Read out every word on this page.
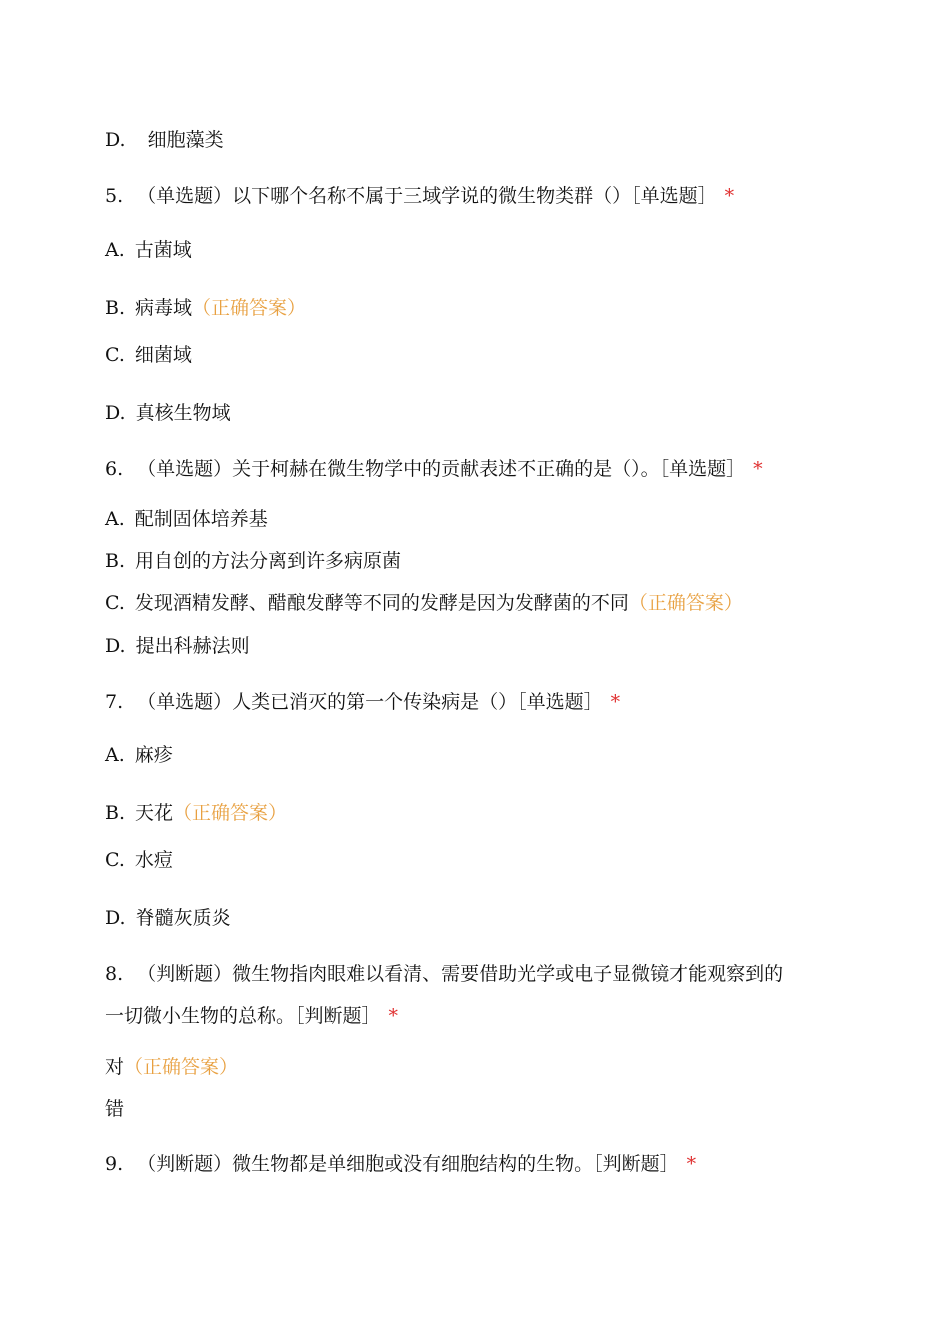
D. 细胞藻类
5. （单选题）以下哪个名称不属于三域学说的微生物类群（）［单选题］ *
A. 古菌域
B. 病毒域（正确答案）
C. 细菌域
D. 真核生物域
6. （单选题）关于柯赫在微生物学中的贡献表述不正确的是（）。［单选题］ *
A. 配制固体培养基
B. 用自创的方法分离到许多病原菌
C. 发现酒精发酵、醋酿发酵等不同的发酵是因为发酵菌的不同（正确答案）
D. 提出科赫法则
7. （单选题）人类已消灭的第一个传染病是（）［单选题］ *
A. 麻疹
B. 天花（正确答案）
C. 水痘
D. 脊髓灰质炎
8. （判断题）微生物指肉眼难以看清、需要借助光学或电子显微镜才能观察到的
一切微小生物的总称。［判断题］ *
对（正确答案）
错
9. （判断题）微生物都是单细胞或没有细胞结构的生物。［判断题］ *
